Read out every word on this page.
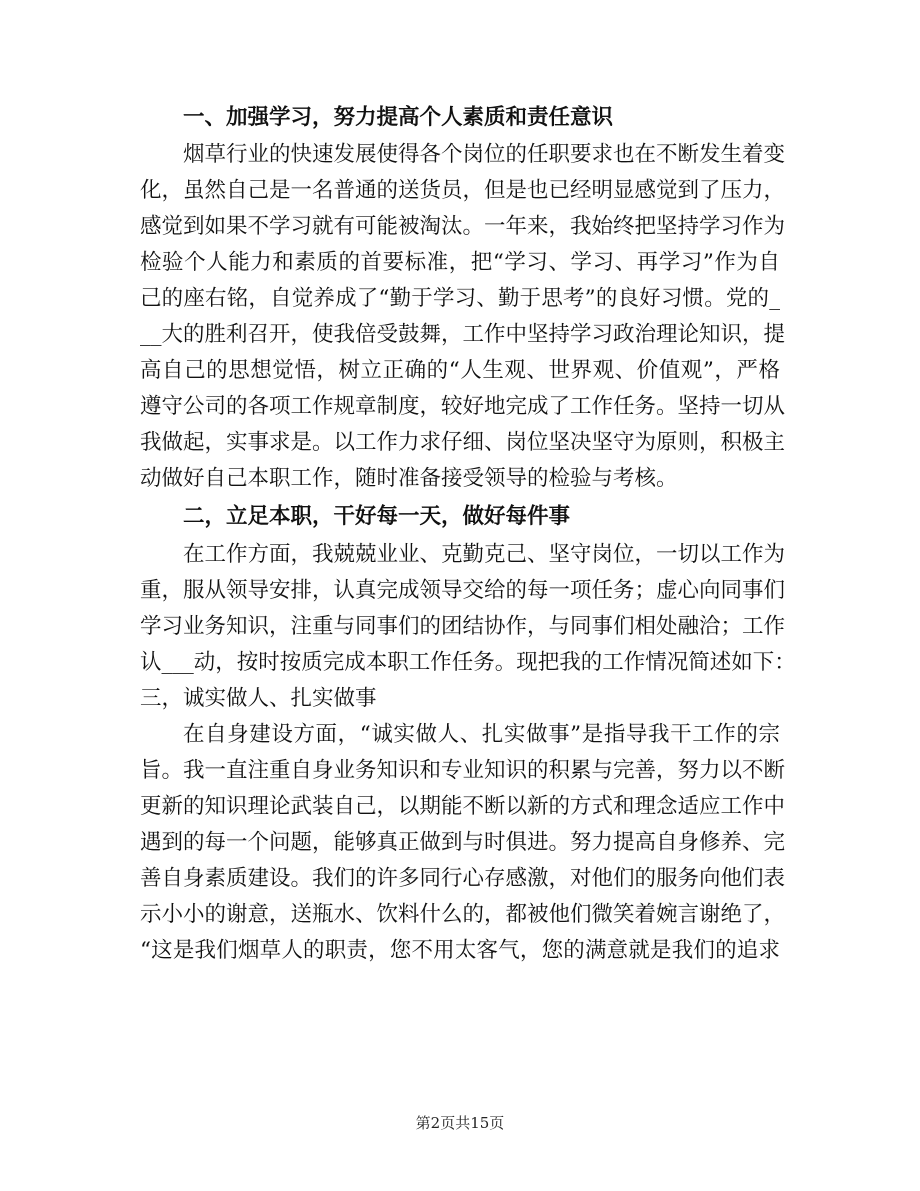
一、加强学习，努力提高个人素质和责任意识
烟草行业的快速发展使得各个岗位的任职要求也在不断发生着变
化，虽然自己是一名普通的送货员，但是也已经明显感觉到了压力，
感觉到如果不学习就有可能被淘汰。一年来，我始终把坚持学习作为
检验个人能力和素质的首要标准，把“学习、学习、再学习”作为自
己的座右铭，自觉养成了“勤于学习、勤于思考”的良好习惯。党的_
__大的胜利召开，使我倍受鼓舞，工作中坚持学习政治理论知识，提
高自己的思想觉悟，树立正确的“人生观、世界观、价值观”，严格
遵守公司的各项工作规章制度，较好地完成了工作任务。坚持一切从
我做起，实事求是。以工作力求仔细、岗位坚决坚守为原则，积极主
动做好自己本职工作，随时准备接受领导的检验与考核。
二，立足本职，干好每一天，做好每件事
在工作方面，我兢兢业业、克勤克己、坚守岗位，一切以工作为
重，服从领导安排，认真完成领导交给的每一项任务；虚心向同事们
学习业务知识，注重与同事们的团结协作，与同事们相处融洽；工作
认___动，按时按质完成本职工作任务。现把我的工作情况简述如下：
三，诚实做人、扎实做事
在自身建设方面，“诚实做人、扎实做事”是指导我干工作的宗
旨。我一直注重自身业务知识和专业知识的积累与完善，努力以不断
更新的知识理论武装自己，以期能不断以新的方式和理念适应工作中
遇到的每一个问题，能够真正做到与时俱进。努力提高自身修养、完
善自身素质建设。我们的许多同行心存感激，对他们的服务向他们表
示小小的谢意，送瓶水、饮料什么的，都被他们微笑着婉言谢绝了，
“这是我们烟草人的职责，您不用太客气，您的满意就是我们的追求
第2页共15页
